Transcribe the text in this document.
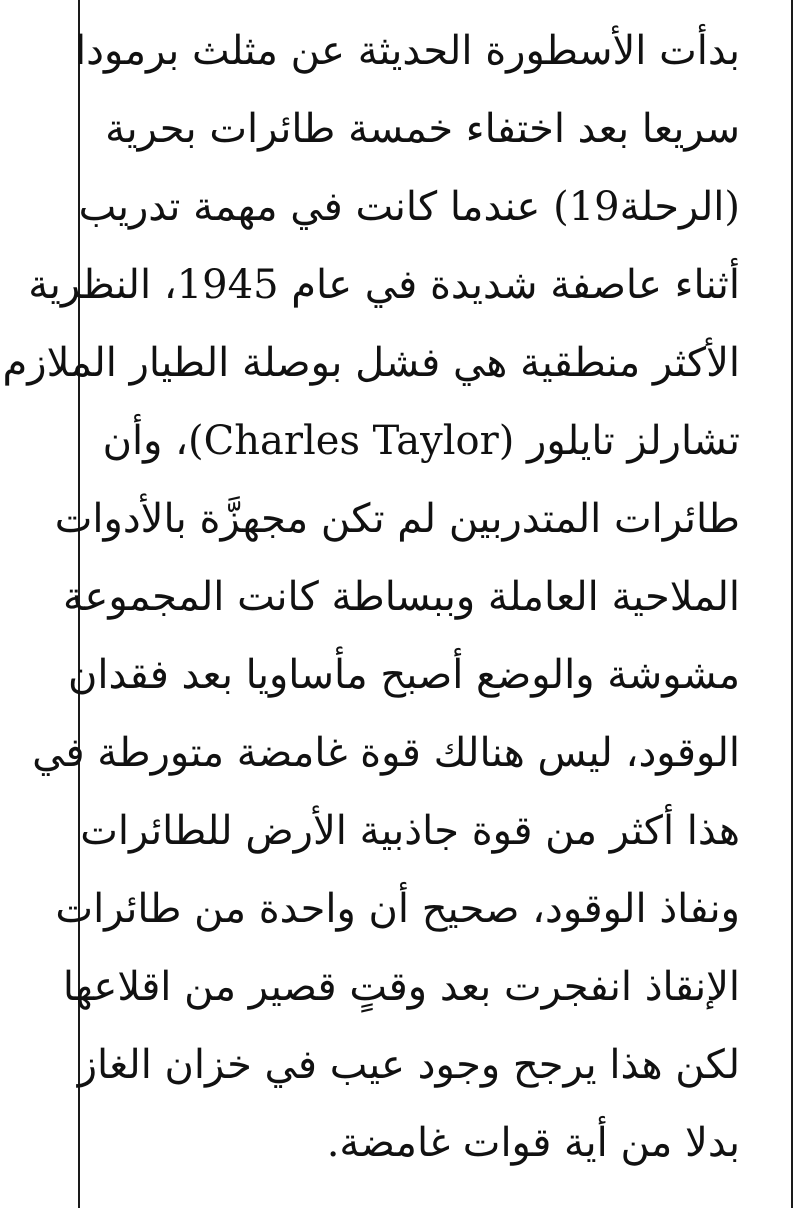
بدأت الأسطورة الحديثة عن مثلث برمودا
سريعا بعد اختفاء خمسة طائرات بحرية
(الرحلة19) عندما كانت في مهمة تدريب
أثناء عاصفة شديدة في عام 1945، النظرية
الأكثر منطقية هي فشل بوصلة الطيار الملازم
تشارلز تايلور (Charles Taylor)، وأن
طائرات المتدربين لم تكن مجهزَّة بالأدوات
الملاحية العاملة وببساطة كانت المجموعة
مشوشة والوضع أصبح مأساويا بعد فقدان
الوقود، ليس هنالك قوة غامضة متورطة في
هذا أكثر من قوة جاذبية الأرض للطائرات
ونفاذ الوقود، صحيح أن واحدة من طائرات
الإنقاذ انفجرت بعد وقتٍ قصير من اقلاعها
لكن هذا يرجح وجود عيب في خزان الغاز
بدلا من أية قوات غامضة.
